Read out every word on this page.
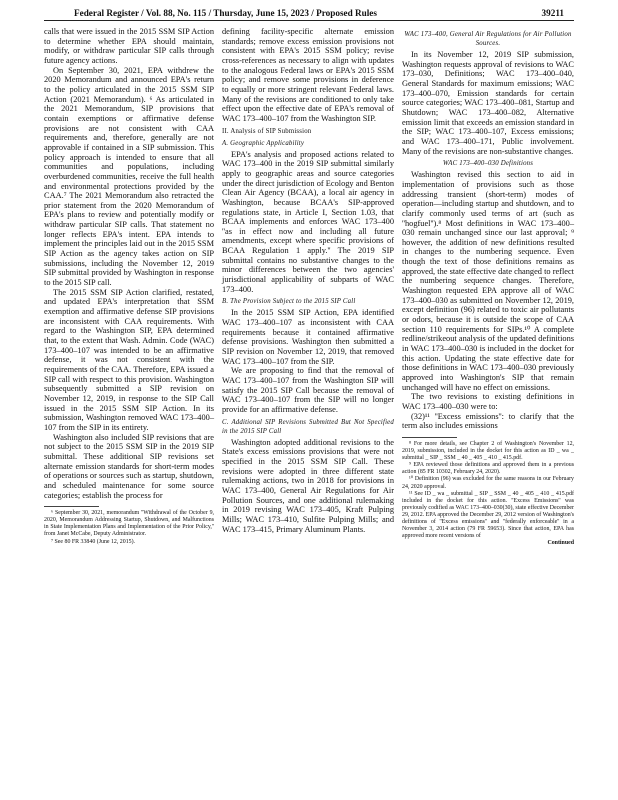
Federal Register / Vol. 88, No. 115 / Thursday, June 15, 2023 / Proposed Rules	39211

calls that were issued in the 2015 SSM SIP Action to determine whether EPA should maintain, modify, or withdraw particular SIP calls through future agency actions.

On September 30, 2021, EPA withdrew the 2020 Memorandum and announced EPA's return to the policy articulated in the 2015 SSM SIP Action (2021 Memorandum). ⁶ As articulated in the 2021 Memorandum, SIP provisions that contain exemptions or affirmative defense provisions are not consistent with CAA requirements and, therefore, generally are not approvable if contained in a SIP submission. This policy approach is intended to ensure that all communities and populations, including overburdened communities, receive the full health and environmental protections provided by the CAA.⁷ The 2021 Memorandum also retracted the prior statement from the 2020 Memorandum of EPA's plans to review and potentially modify or withdraw particular SIP calls. That statement no longer reflects EPA's intent. EPA intends to implement the principles laid out in the 2015 SSM SIP Action as the agency takes action on SIP submissions, including the November 12, 2019 SIP submittal provided by Washington in response to the 2015 SIP call.

The 2015 SSM SIP Action clarified, restated, and updated EPA's interpretation that SSM exemption and affirmative defense SIP provisions are inconsistent with CAA requirements. With regard to the Washington SIP, EPA determined that, to the extent that Wash. Admin. Code (WAC) 173–400–107 was intended to be an affirmative defense, it was not consistent with the requirements of the CAA. Therefore, EPA issued a SIP call with respect to this provision. Washington subsequently submitted a SIP revision on November 12, 2019, in response to the SIP Call issued in the 2015 SSM SIP Action. In its submission, Washington removed WAC 173–400–107 from the SIP in its entirety.

Washington also included SIP revisions that are not subject to the 2015 SSM SIP in the 2019 SIP submittal. These additional SIP revisions set alternate emission standards for short-term modes of operations or sources such as startup, shutdown, and scheduled maintenance for some source categories; establish the process for

⁶ September 30, 2021, memorandum ''Withdrawal of the October 9, 2020, Memorandum Addressing Startup, Shutdown, and Malfunctions in State Implementation Plans and Implementation of the Prior Policy,'' from Janet McCabe, Deputy Administrator.

⁷ See 80 FR 33840 (June 12, 2015).

defining facility-specific alternate emission standards; remove excess emission provisions not consistent with EPA's 2015 SSM policy; revise cross-references as necessary to align with updates to the analogous Federal laws or EPA's 2015 SSM policy; and remove some provisions in deference to equally or more stringent relevant Federal laws. Many of the revisions are conditioned to only take effect upon the effective date of EPA's removal of WAC 173–400–107 from the Washington SIP.

II. Analysis of SIP Submission

A. Geographic Applicability

EPA's analysis and proposed actions related to WAC 173–400 in the 2019 SIP submittal similarly apply to geographic areas and source categories under the direct jurisdiction of Ecology and Benton Clean Air Agency (BCAA), a local air agency in Washington, because BCAA's SIP-approved regulations state, in Article I, Section 1.03, that BCAA implements and enforces WAC 173–400 ''as in effect now and including all future amendments, except where specific provisions of BCAA Regulation 1 apply.'' The 2019 SIP submittal contains no substantive changes to the minor differences between the two agencies' jurisdictional applicability of subparts of WAC 173–400.

B. The Provision Subject to the 2015 SIP Call

In the 2015 SSM SIP Action, EPA identified WAC 173–400–107 as inconsistent with CAA requirements because it contained affirmative defense provisions. Washington then submitted a SIP revision on November 12, 2019, that removed WAC 173–400–107 from the SIP.

We are proposing to find that the removal of WAC 173–400–107 from the Washington SIP will satisfy the 2015 SIP Call because the removal of WAC 173–400–107 from the SIP will no longer provide for an affirmative defense.

C. Additional SIP Revisions Submitted But Not Specified in the 2015 SIP Call

Washington adopted additional revisions to the State's excess emissions provisions that were not specified in the 2015 SSM SIP Call. These revisions were adopted in three different state rulemaking actions, two in 2018 for provisions in WAC 173–400, General Air Regulations for Air Pollution Sources, and one additional rulemaking in 2019 revising WAC 173–405, Kraft Pulping Mills; WAC 173–410, Sulfite Pulping Mills; and WAC 173–415, Primary Aluminum Plants.

WAC 173–400, General Air Regulations for Air Pollution Sources.

In its November 12, 2019 SIP submission, Washington requests approval of revisions to WAC 173–030, Definitions; WAC 173–400–040, General Standards for maximum emissions; WAC 173–400–070, Emission standards for certain source categories; WAC 173–400–081, Startup and Shutdown; WAC 173–400–082, Alternative emission limit that exceeds an emission standard in the SIP; WAC 173–400–107, Excess emissions; and WAC 173–400–171, Public involvement. Many of the revisions are non-substantive changes.

WAC 173–400–030 Definitions

Washington revised this section to aid in implementation of provisions such as those addressing transient (short-term) modes of operation—including startup and shutdown, and to clarify commonly used terms of art (such as ''hogfuel'').⁸ Most definitions in WAC 173–400–030 remain unchanged since our last approval; ⁹ however, the addition of new definitions resulted in changes to the numbering sequence. Even though the text of those definitions remains as approved, the state effective date changed to reflect the numbering sequence changes. Therefore, Washington requested EPA approve all of WAC 173–400–030 as submitted on November 12, 2019, except definition (96) related to toxic air pollutants or odors, because it is outside the scope of CAA section 110 requirements for SIPs.¹⁰ A complete redline/strikeout analysis of the updated definitions in WAC 173–400–030 is included in the docket for this action. Updating the state effective date for those definitions in WAC 173–400–030 previously approved into Washington's SIP that remain unchanged will have no effect on emissions.

The two revisions to existing definitions in WAC 173–400–030 were to:

(32)¹¹ ''Excess emissions'': to clarify that the term also includes emissions

⁸ For more details, see Chapter 2 of Washington's November 12, 2019, submission, included in the docket for this action as ID _ wa _ submittal _ SIP _ SSM _ 40 _ 405 _ 410 _ 415.pdf.

⁹ EPA reviewed those definitions and approved them in a previous action (85 FR 10302, February 24, 2020).

¹⁰ Definition (96) was excluded for the same reasons in our February 24, 2020 approval.

¹¹ See ID _ wa _ submittal _ SIP _ SSM _ 40 _ 405 _ 410 _ 415.pdf included in the docket for this action. ''Excess Emissions'' was previously codified as WAC 173–400–030(30), state effective December 29, 2012. EPA approved the December 29, 2012 version of Washington's definitions of ''Excess emissions'' and ''federally enforceable'' in a November 3, 2014 action (79 FR 59653). Since that action, EPA has approved more recent versions of

Continued
